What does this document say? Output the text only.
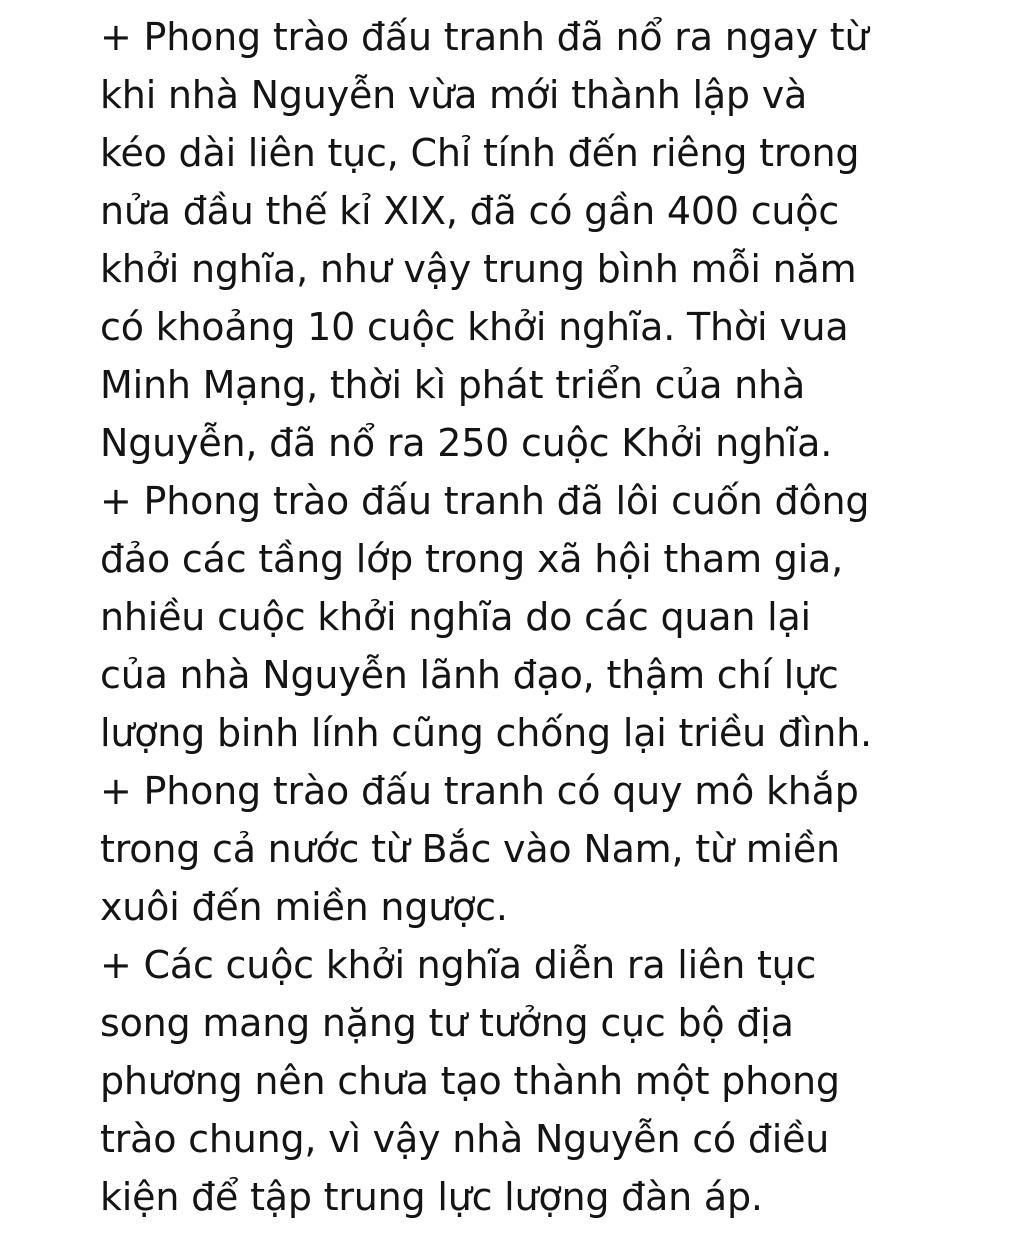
+ Phong trào đấu tranh đã nổ ra ngay từ
khi nhà Nguyễn vừa mới thành lập và
kéo dài liên tục, Chỉ tính đến riêng trong
nửa đầu thế kỉ XIX, đã có gần 400 cuộc
khởi nghĩa, như vậy trung bình mỗi năm
có khoảng 10 cuộc khởi nghĩa. Thời vua
Minh Mạng, thời kì phát triển của nhà
Nguyễn, đã nổ ra 250 cuộc Khởi nghĩa.
+ Phong trào đấu tranh đã lôi cuốn đông
đảo các tầng lớp trong xã hội tham gia,
nhiều cuộc khởi nghĩa do các quan lại
của nhà Nguyễn lãnh đạo, thậm chí lực
lượng binh lính cũng chống lại triều đình.
+ Phong trào đấu tranh có quy mô khắp
trong cả nước từ Bắc vào Nam, từ miền
xuôi đến miền ngược.
+ Các cuộc khởi nghĩa diễn ra liên tục
song mang nặng tư tưởng cục bộ địa
phương nên chưa tạo thành một phong
trào chung, vì vậy nhà Nguyễn có điều
kiện để tập trung lực lượng đàn áp.
